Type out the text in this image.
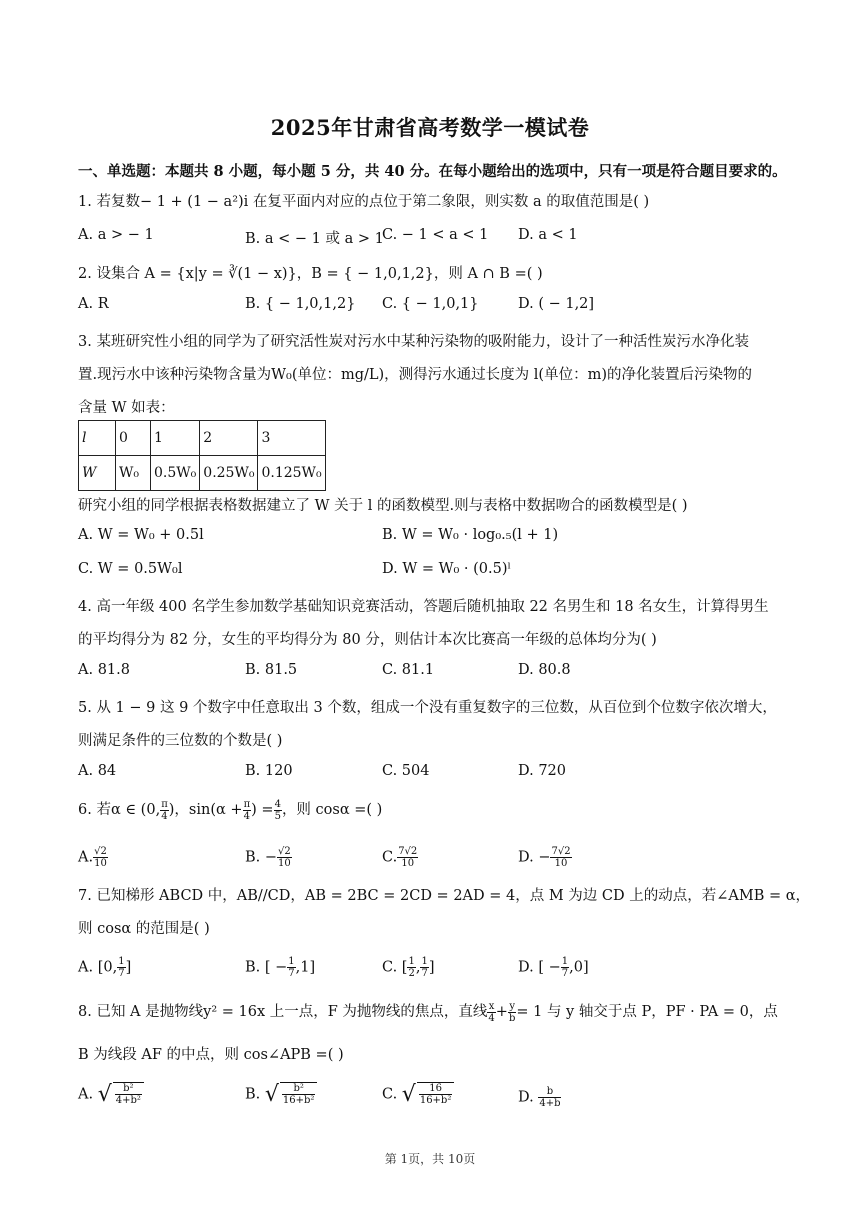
2025年甘肃省高考数学一模试卷
一、单选题：本题共 8 小题，每小题 5 分，共 40 分。在每小题给出的选项中，只有一项是符合题目要求的。
1. 若复数− 1 + (1 − a²)i 在复平面内对应的点位于第二象限，则实数 a 的取值范围是( )
A. a > − 1	B. a < − 1 或 a > 1
C. − 1 < a < 1 D. a < 1
2. 设集合 A = {x|y = ∛(1 − x)}，B = { − 1,0,1,2}，则 A ∩ B =( )
A. R	B. { − 1,0,1,2} C. { − 1,0,1}	D. ( − 1,2]
3. 某班研究性小组的同学为了研究活性炭对污水中某种污染物的吸附能力，设计了一种活性炭污水净化装
置.现污水中该种污染物含量为W₀(单位：mg/L)，测得污水通过长度为 l(单位：m)的净化装置后污染物的
含量 W 如表：
l	0	1	2	3
W	W₀	0.5W₀	0.25W₀	0.125W₀
研究小组的同学根据表格数据建立了 W 关于 l 的函数模型.则与表格中数据吻合的函数模型是( )
A. W = W₀ + 0.5l	B. W = W₀ · log₀.₅(l + 1)
C. W = 0.5W₀l	D. W = W₀ · (0.5)ˡ
4. 高一年级 400 名学生参加数学基础知识竞赛活动，答题后随机抽取 22 名男生和 18 名女生，计算得男生
的平均得分为 82 分，女生的平均得分为 80 分，则估计本次比赛高一年级的总体均分为( )
A. 81.8	B. 81.5	C. 81.1	D. 80.8
5. 从 1 − 9 这 9 个数字中任意取出 3 个数，组成一个没有重复数字的三位数，从百位到个位数字依次增大，
则满足条件的三位数的个数是( )
A. 84	B. 120	C. 504	D. 720
6. 若α ∈ (0, $\frac{\pi}{4}$ )，$\sin(\alpha + \frac{\pi}{4}$ ) = $\frac{4}{5}$ ，则 cosα =( )
A. $\frac{√2}{10}$	B. − $\frac{√2}{10}$	C. $\frac{7√2}{10}$	D. − $\frac{7√2}{10}$
7. 已知梯形 ABCD 中，AB//CD，AB = 2BC = 2CD = 2AD = 4，点 M 为边 CD 上的动点，若∠AMB = α，
则 cosα 的范围是( )
A. [0, $\frac{1}{7}$ ]	B. [ − $\frac{1}{7} ,1$]	C. [ $\frac{1}{2}$ , $\frac{1}{7}$ ]	D. [ − $\frac{1}{7} ,0$]
8. 已知 A 是抛物线y² = 16x 上一点，F 为抛物线的焦点，直线 $\frac{x}{4} + \frac{y}{b} = 1$ 与 y 轴交于点 P，PF · PA = 0，点
B 为线段 AF 的中点，则 cos∠APB =( )
A. √ $\frac{\text{b²}}{\text{4+b²}}$	B. √ $\frac{\text{b²}}{\text{16+b²}}$	C. √ $\frac{16}{\text{16+b²}}$	D. $\frac{b}{4+b}$
第 1页，共 10页
